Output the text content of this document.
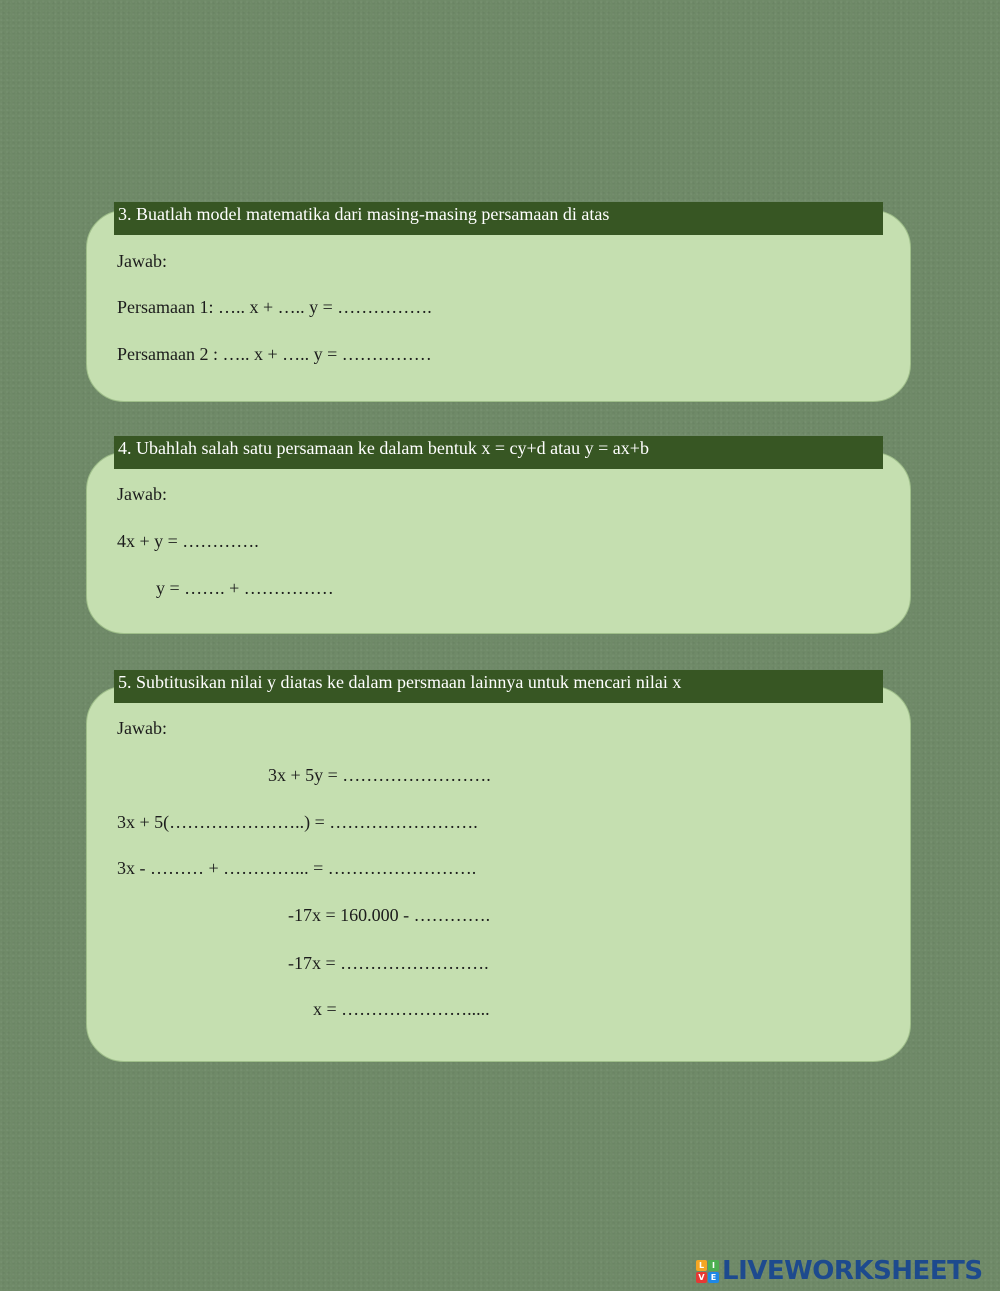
3. Buatlah model matematika dari masing-masing persamaan di atas
Jawab:
Persamaan 1: ….. x + ….. y = …………….
Persamaan 2 : ….. x + ….. y = ……………
4. Ubahlah salah satu persamaan ke dalam bentuk x = cy+d atau y = ax+b
Jawab:
4x + y = ………….
y = ……. + ……………
5. Subtitusikan nilai y diatas ke dalam persmaan lainnya untuk mencari nilai x
Jawab:
3x + 5y = …………………….
3x + 5(…………………..) = …………………….
3x - ……… + …………... = …………………….
-17x = 160.000 - ………….
-17x = …………………….
x = ………………….....
L I
V E LIVEWORKSHEETS
